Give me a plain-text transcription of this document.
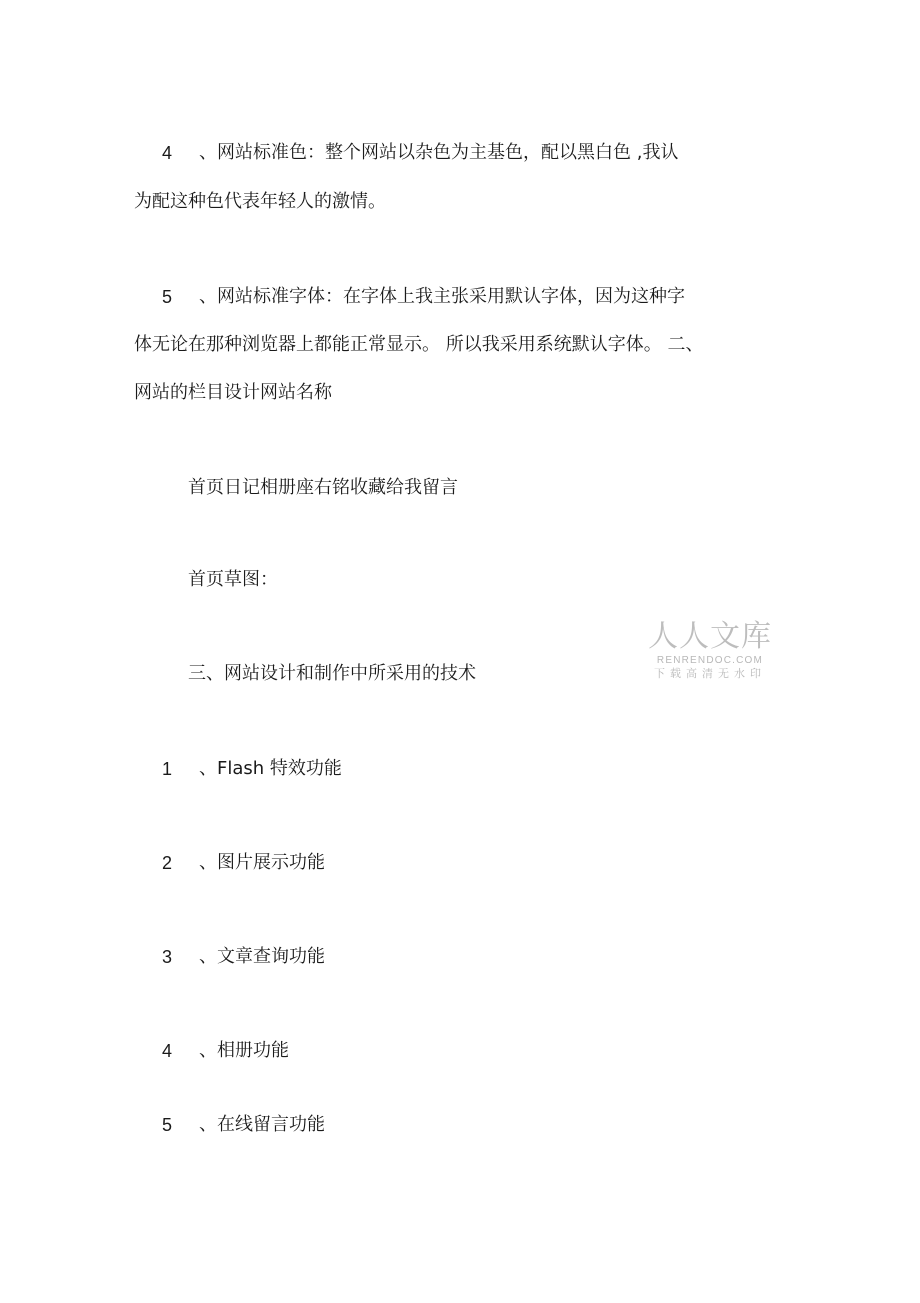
4 、网站标准色：整个网站以杂色为主基色，配以黑白色 ,我认
为配这种色代表年轻人的激情。
5 、网站标准字体：在字体上我主张采用默认字体，因为这种字
体无论在那种浏览器上都能正常显示。 所以我采用系统默认字体。 二、
网站的栏目设计网站名称
首页日记相册座右铭收藏给我留言
首页草图：
三、网站设计和制作中所采用的技术
人人文库
RENRENDOC.COM
下载高清无水印
1 、Flash 特效功能
2 、图片展示功能
3 、文章查询功能
4 、相册功能
5 、在线留言功能
